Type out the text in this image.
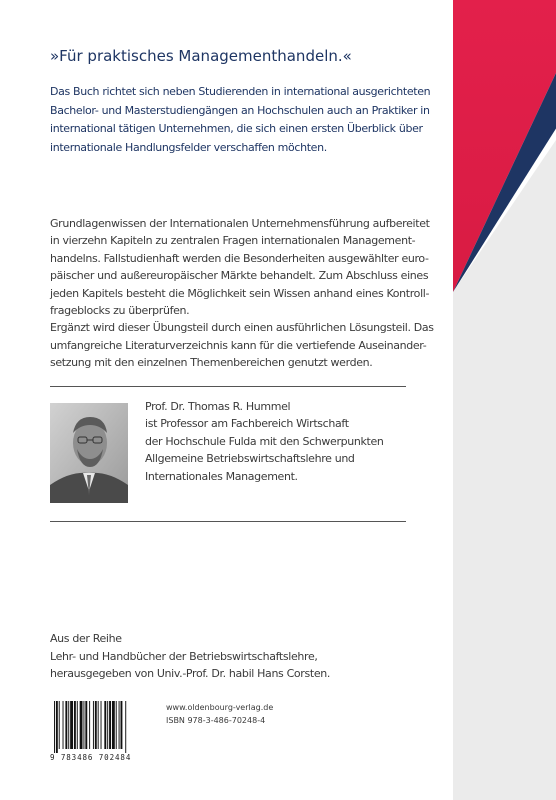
»Für praktisches Managementhandeln.«

Das Buch richtet sich neben Studierenden in international ausgerichteten Bachelor- und Masterstudiengängen an Hochschulen auch an Praktiker in international tätigen Unternehmen, die sich einen ersten Überblick über internationale Handlungsfelder verschaffen möchten.

Grundlagenwissen der Internationalen Unternehmensführung aufbereitet
in vierzehn Kapiteln zu zentralen Fragen internationalen Management-
handelns. Fallstudienhaft werden die Besonderheiten ausgewählter euro-
päischer und außereuropäischer Märkte behandelt. Zum Abschluss eines
jeden Kapitels besteht die Möglichkeit sein Wissen anhand eines Kontroll-
frageblocks zu überprüfen.
Ergänzt wird dieser Übungsteil durch einen ausführlichen Lösungsteil. Das
umfangreiche Literaturverzeichnis kann für die vertiefende Auseinander-
setzung mit den einzelnen Themenbereichen genutzt werden.

Prof. Dr. Thomas R. Hummel
ist Professor am Fachbereich Wirtschaft
der Hochschule Fulda mit den Schwerpunkten
Allgemeine Betriebswirtschaftslehre und
Internationales Management.

Aus der Reihe
Lehr- und Handbücher der Betriebswirtschaftslehre,
herausgegeben von Univ.-Prof. Dr. habil Hans Corsten.

9 783486 702484

www.oldenbourg-verlag.de
ISBN 978-3-486-70248-4
